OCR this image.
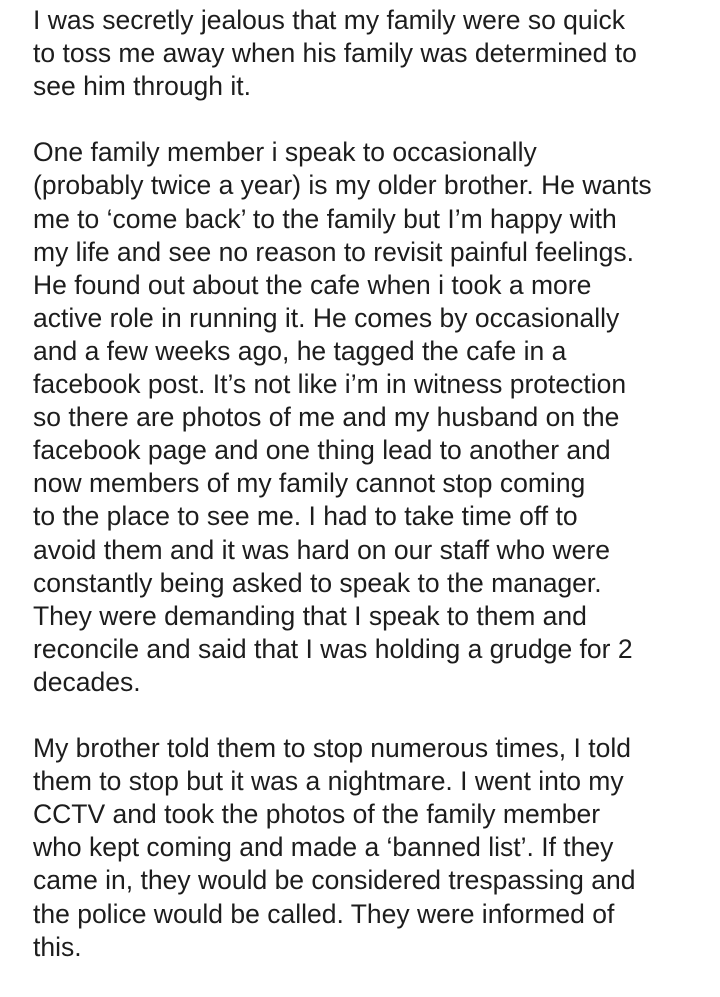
I was secretly jealous that my family were so quick
to toss me away when his family was determined to
see him through it.
One family member i speak to occasionally
(probably twice a year) is my older brother. He wants
me to ‘come back’ to the family but I’m happy with
my life and see no reason to revisit painful feelings.
He found out about the cafe when i took a more
active role in running it. He comes by occasionally
and a few weeks ago, he tagged the cafe in a
facebook post. It’s not like i’m in witness protection
so there are photos of me and my husband on the
facebook page and one thing lead to another and
now members of my family cannot stop coming
to the place to see me. I had to take time off to
avoid them and it was hard on our staff who were
constantly being asked to speak to the manager.
They were demanding that I speak to them and
reconcile and said that I was holding a grudge for 2
decades.
My brother told them to stop numerous times, I told
them to stop but it was a nightmare. I went into my
CCTV and took the photos of the family member
who kept coming and made a ‘banned list’. If they
came in, they would be considered trespassing and
the police would be called. They were informed of
this.
